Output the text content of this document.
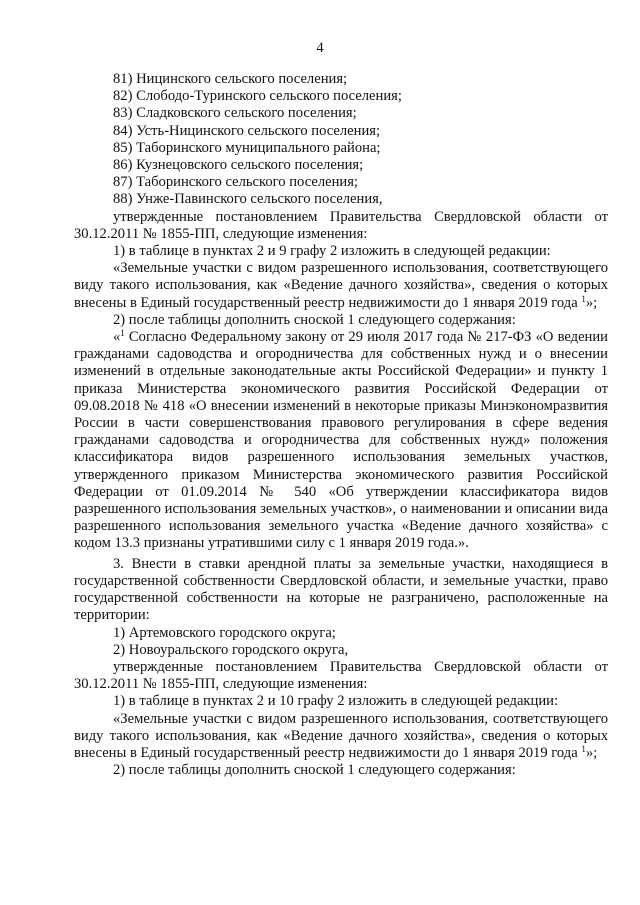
4

81) Ницинского сельского поселения;

82) Слободо-Туринского сельского поселения;

83) Сладковского сельского поселения;

84) Усть-Ницинского сельского поселения;

85) Таборинского муниципального района;

86) Кузнецовского сельского поселения;

87) Таборинского сельского поселения;

88) Унже-Павинского сельского поселения,

утвержденные постановлением Правительства Свердловской области от 30.12.2011 № 1855-ПП, следующие изменения:

1) в таблице в пунктах 2 и 9 графу 2 изложить в следующей редакции:

«Земельные участки с видом разрешенного использования, соответствующего виду такого использования, как «Ведение дачного хозяйства», сведения о которых внесены в Единый государственный реестр недвижимости до 1 января 2019 года $^1$»;

2) после таблицы дополнить сноской 1 следующего содержания:

«$^1$ Согласно Федеральному закону от 29 июля 2017 года № 217-ФЗ «О ведении гражданами садоводства и огородничества для собственных нужд и о внесении изменений в отдельные законодательные акты Российской Федерации» и пункту 1 приказа Министерства экономического развития Российской Федерации от 09.08.2018 № 418 «О внесении изменений в некоторые приказы Минэкономразвития России в части совершенствования правового регулирования в сфере ведения гражданами садоводства и огородничества для собственных нужд» положения классификатора видов разрешенного использования земельных участков, утвержденного приказом Министерства экономического развития Российской Федерации от 01.09.2014 № 540 «Об утверждении классификатора видов разрешенного использования земельных участков», о наименовании и описании вида разрешенного использования земельного участка «Ведение дачного хозяйства» с кодом 13.3 признаны утратившими силу с 1 января 2019 года.».

3. Внести в ставки арендной платы за земельные участки, находящиеся в государственной собственности Свердловской области, и земельные участки, право государственной собственности на которые не разграничено, расположенные на территории:

1) Артемовского городского округа;

2) Новоуральского городского округа,

утвержденные постановлением Правительства Свердловской области от 30.12.2011 № 1855-ПП, следующие изменения:

1) в таблице в пунктах 2 и 10 графу 2 изложить в следующей редакции:

«Земельные участки с видом разрешенного использования, соответствующего виду такого использования, как «Ведение дачного хозяйства», сведения о которых внесены в Единый государственный реестр недвижимости до 1 января 2019 года $^1$»;

2) после таблицы дополнить сноской 1 следующего содержания:
